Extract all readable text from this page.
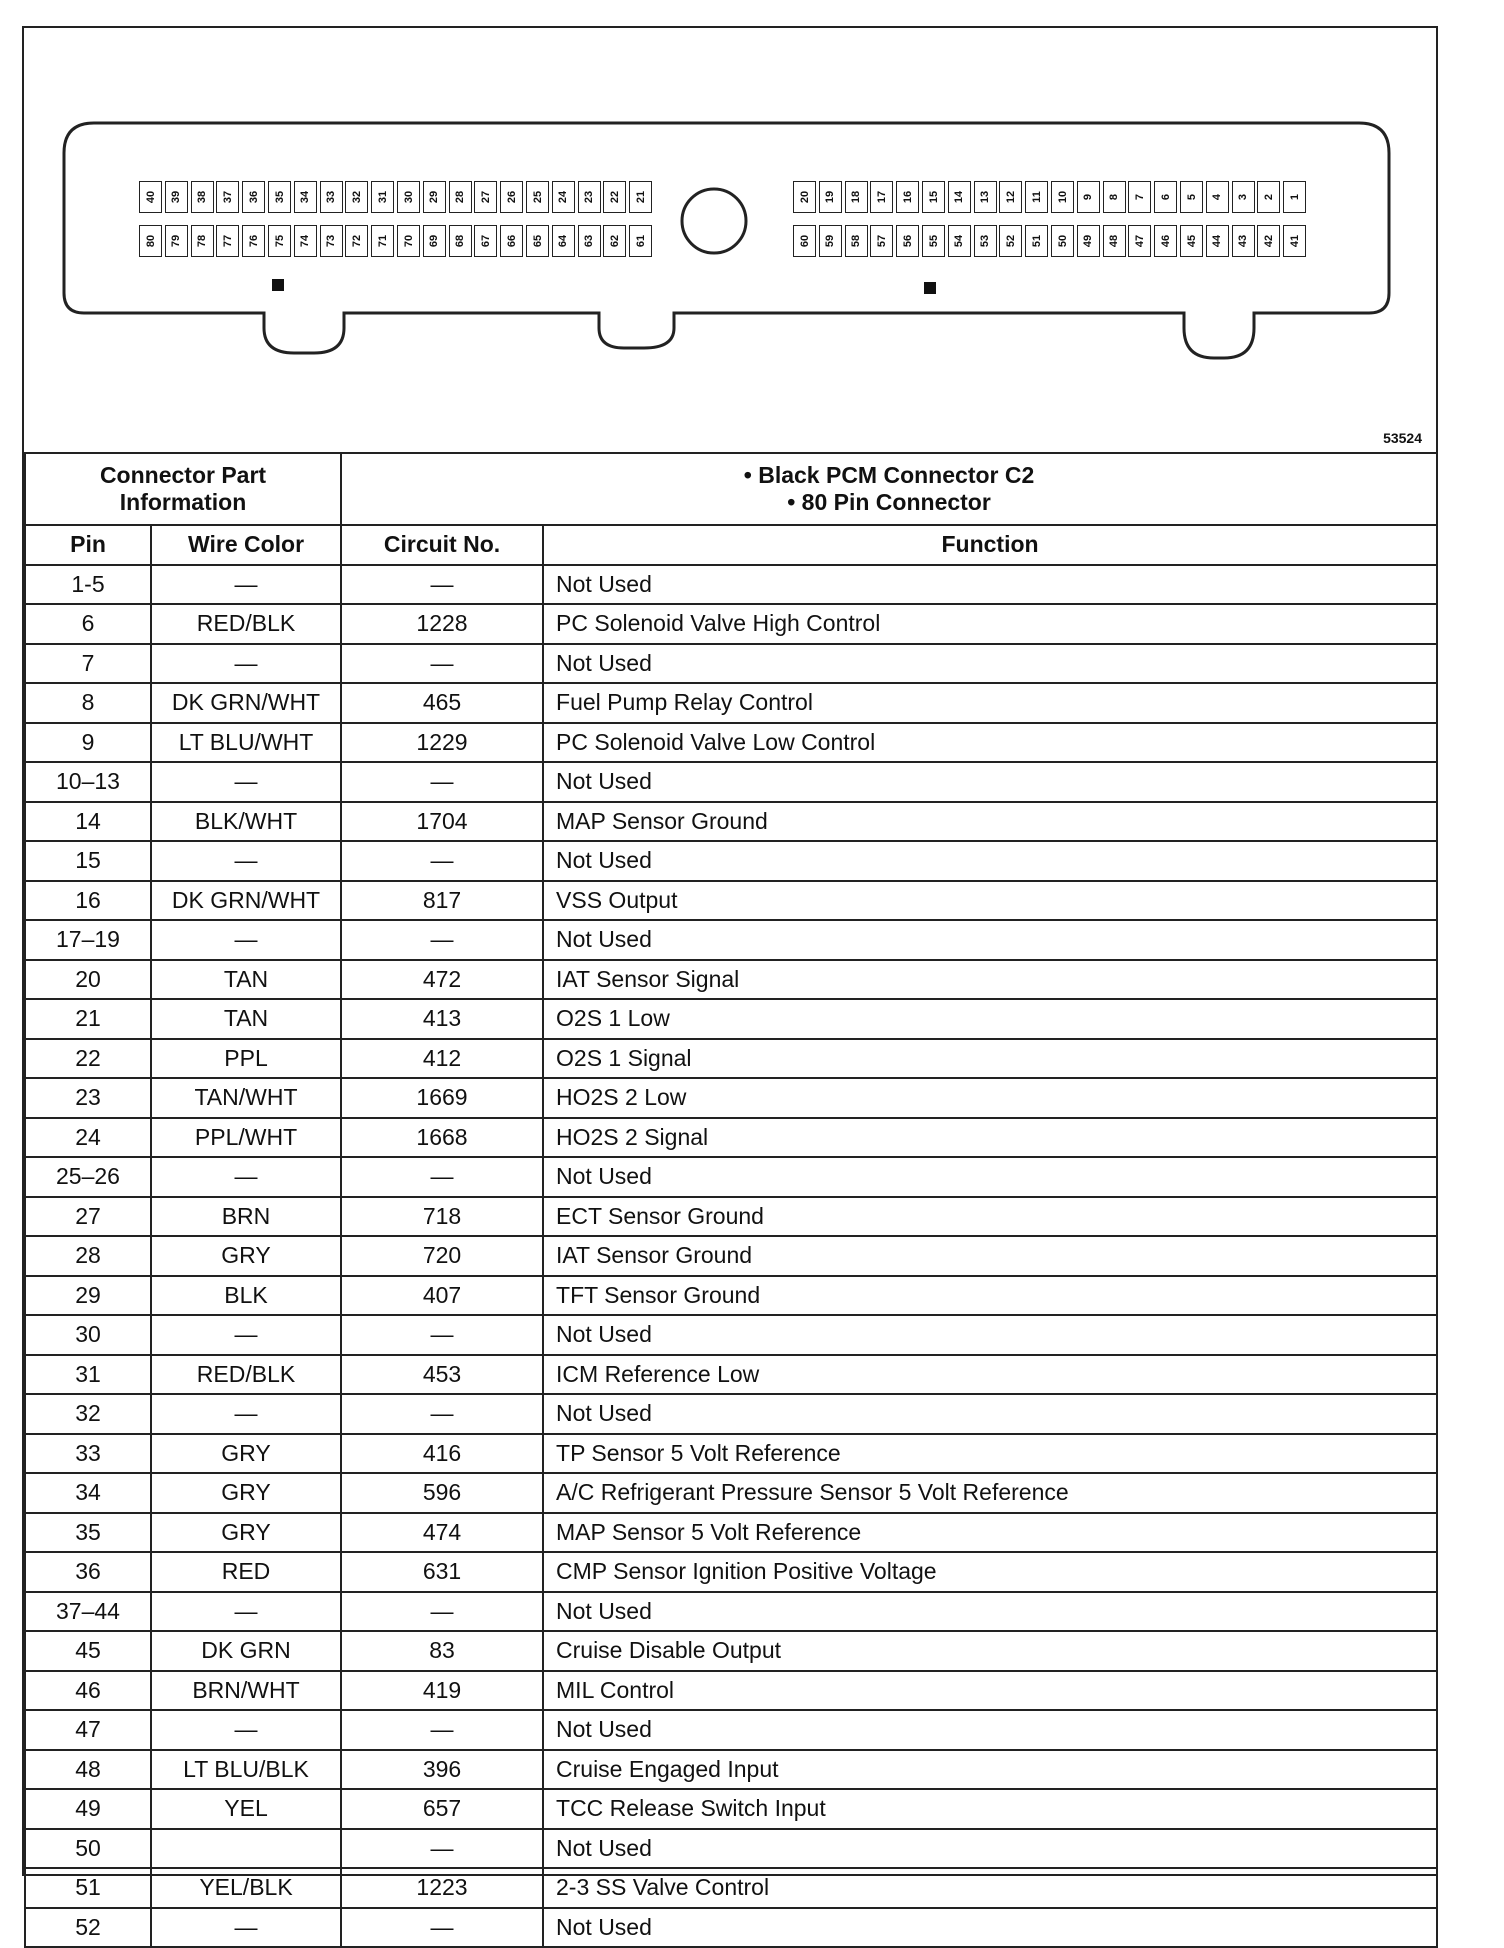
40 39 38 37 36 35 34 33 32 31 30 29 28 27 26 25 24 23 22 21
80 79 78 77 76 75 74 73 72 71 70 69 68 67 66 65 64 63 62 61
20 19 18 17 16 15 14 13 12 11 10 9 8 7 6 5 4 3 2 1
60 59 58 57 56 55 54 53 52 51 50 49 48 47 46 45 44 43 42 41
53524
Connector Part
Information		• Black PCM Connector C2
• 80 Pin Connector	

Pin	Wire Color	Circuit No.	Function
1-5	—	—	Not Used
6	RED/BLK	1228	PC Solenoid Valve High Control
7	—	—	Not Used
8	DK GRN/WHT	465	Fuel Pump Relay Control
9	LT BLU/WHT	1229	PC Solenoid Valve Low Control
10–13	—	—	Not Used
14	BLK/WHT	1704	MAP Sensor Ground
15	—	—	Not Used
16	DK GRN/WHT	817	VSS Output
17–19	—	—	Not Used
20	TAN	472	IAT Sensor Signal
21	TAN	413	O2S 1 Low
22	PPL	412	O2S 1 Signal
23	TAN/WHT	1669	HO2S 2 Low
24	PPL/WHT	1668	HO2S 2 Signal
25–26	—	—	Not Used
27	BRN	718	ECT Sensor Ground
28	GRY	720	IAT Sensor Ground
29	BLK	407	TFT Sensor Ground
30	—	—	Not Used
31	RED/BLK	453	ICM Reference Low
32	—	—	Not Used
33	GRY	416	TP Sensor 5 Volt Reference
34	GRY	596	A/C Refrigerant Pressure Sensor 5 Volt Reference
35	GRY	474	MAP Sensor 5 Volt Reference
36	RED	631	CMP Sensor Ignition Positive Voltage
37–44	—	—	Not Used
45	DK GRN	83	Cruise Disable Output
46	BRN/WHT	419	MIL Control
47	—	—	Not Used
48	LT BLU/BLK	396	Cruise Engaged Input
49	YEL	657	TCC Release Switch Input
50		—	Not Used
51	YEL/BLK	1223	2-3 SS Valve Control
52	—	—	Not Used
